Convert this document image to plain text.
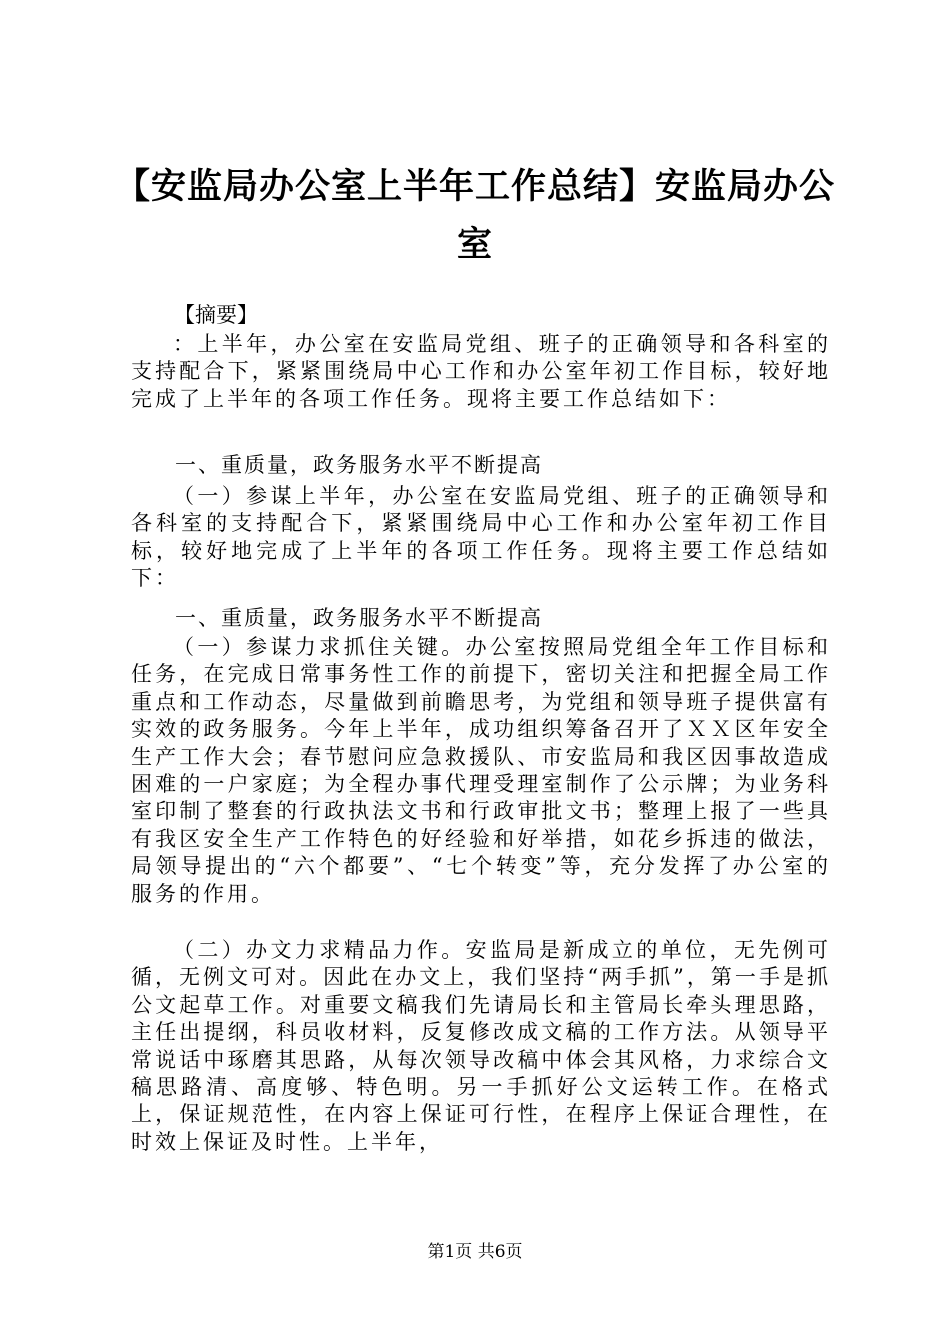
【安监局办公室上半年工作总结】安监局办公室
【摘要】

：上半年，办公室在安监局党组、班子的正确领导和各科室的支持配合下，紧紧围绕局中心工作和办公室年初工作目标，较好地完成了上半年的各项工作任务。现将主要工作总结如下：

一、重质量，政务服务水平不断提高

（一）参谋上半年，办公室在安监局党组、班子的正确领导和各科室的支持配合下，紧紧围绕局中心工作和办公室年初工作目标，较好地完成了上半年的各项工作任务。现将主要工作总结如下：

一、重质量，政务服务水平不断提高

（一）参谋力求抓住关键。办公室按照局党组全年工作目标和任务，在完成日常事务性工作的前提下，密切关注和把握全局工作重点和工作动态，尽量做到前瞻思考，为党组和领导班子提供富有实效的政务服务。今年上半年，成功组织筹备召开了ＸＸ区年安全生产工作大会；春节慰问应急救援队、市安监局和我区因事故造成困难的一户家庭；为全程办事代理受理室制作了公示牌；为业务科室印制了整套的行政执法文书和行政审批文书；整理上报了一些具有我区安全生产工作特色的好经验和好举措，如花乡拆违的做法，局领导提出的“六个都要”、“七个转变”等，充分发挥了办公室的服务的作用。

（二）办文力求精品力作。安监局是新成立的单位，无先例可循，无例文可对。因此在办文上，我们坚持“两手抓”，第一手是抓公文起草工作。对重要文稿我们先请局长和主管局长牵头理思路，主任出提纲，科员收材料，反复修改成文稿的工作方法。从领导平常说话中琢磨其思路，从每次领导改稿中体会其风格，力求综合文稿思路清、高度够、特色明。另一手抓好公文运转工作。在格式上，保证规范性，在内容上保证可行性，在程序上保证合理性，在时效上保证及时性。上半年，

第1页 共6页
